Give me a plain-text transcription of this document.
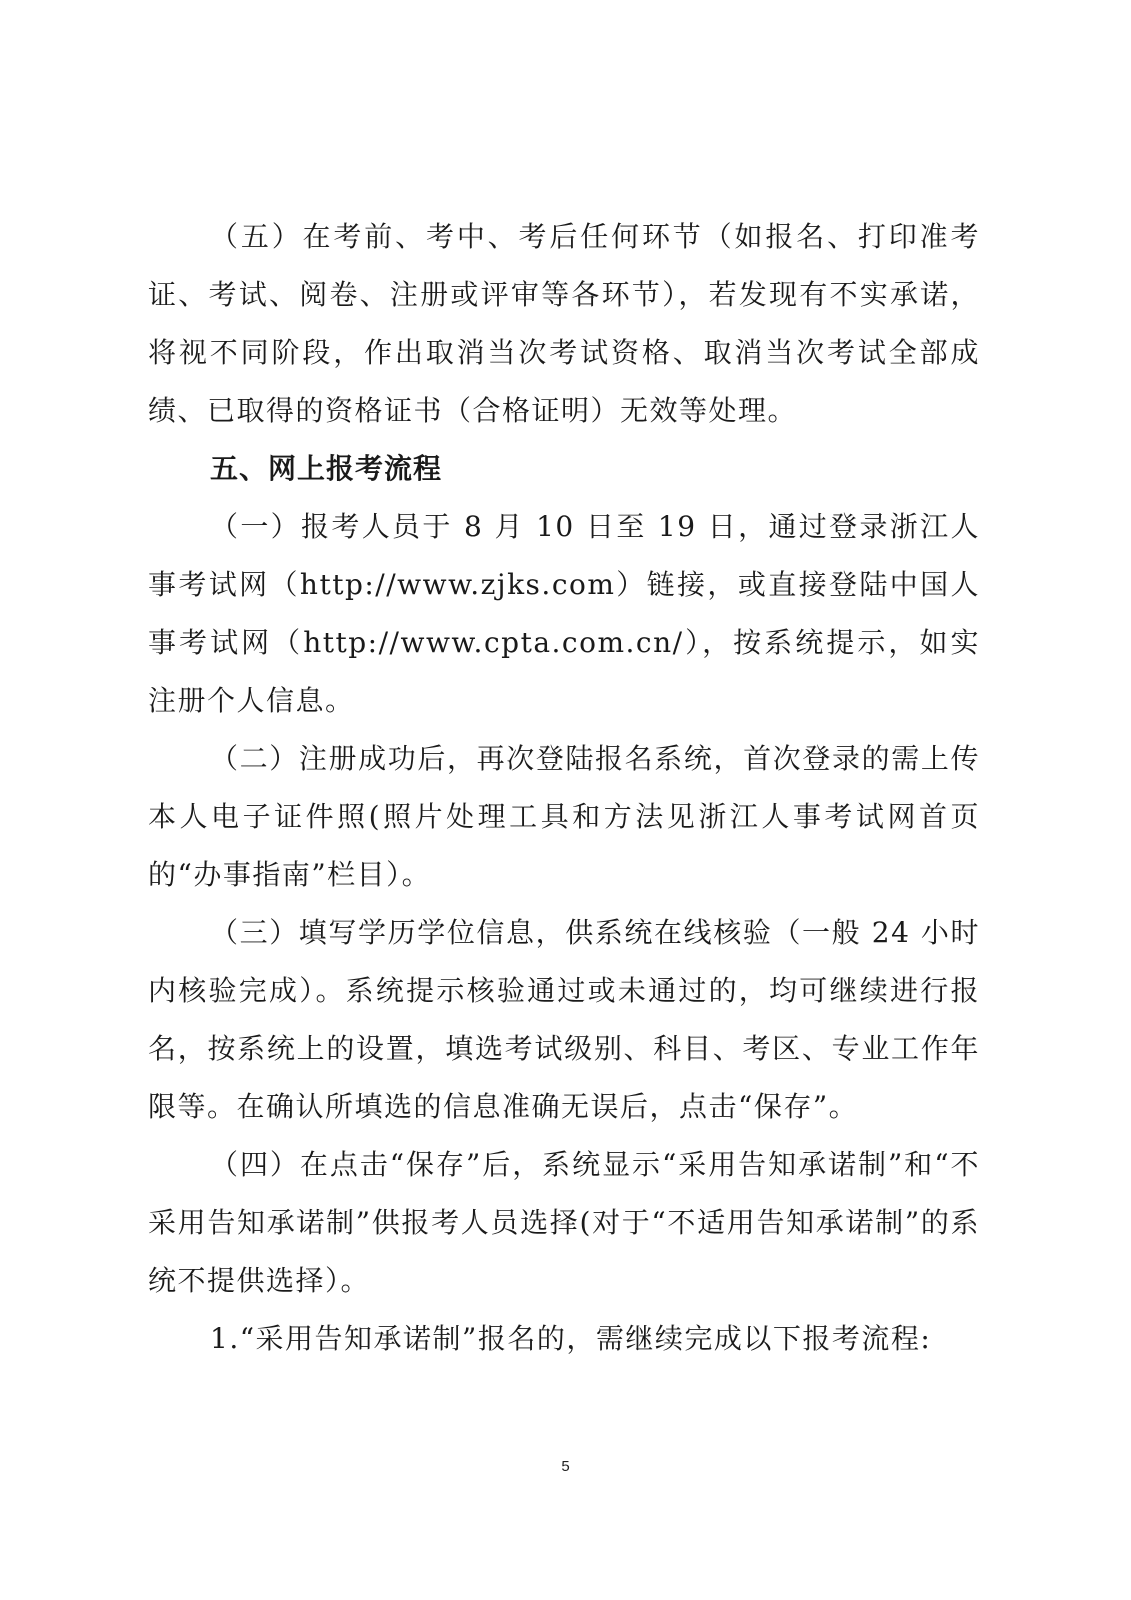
（五）在考前、考中、考后任何环节（如报名、打印准考证、考试、阅卷、注册或评审等各环节），若发现有不实承诺，将视不同阶段，作出取消当次考试资格、取消当次考试全部成绩、已取得的资格证书（合格证明）无效等处理。

五、网上报考流程

（一）报考人员于 8 月 10 日至 19 日，通过登录浙江人事考试网（http://www.zjks.com）链接，或直接登陆中国人事考试网（http://www.cpta.com.cn/），按系统提示，如实注册个人信息。

（二）注册成功后，再次登陆报名系统，首次登录的需上传本人电子证件照(照片处理工具和方法见浙江人事考试网首页的“办事指南”栏目）。

（三）填写学历学位信息，供系统在线核验（一般 24 小时内核验完成）。系统提示核验通过或未通过的，均可继续进行报名，按系统上的设置，填选考试级别、科目、考区、专业工作年限等。在确认所填选的信息准确无误后，点击“保存”。

（四）在点击“保存”后，系统显示“采用告知承诺制”和“不采用告知承诺制”供报考人员选择(对于“不适用告知承诺制”的系统不提供选择）。

1.“采用告知承诺制”报名的，需继续完成以下报考流程:

5
